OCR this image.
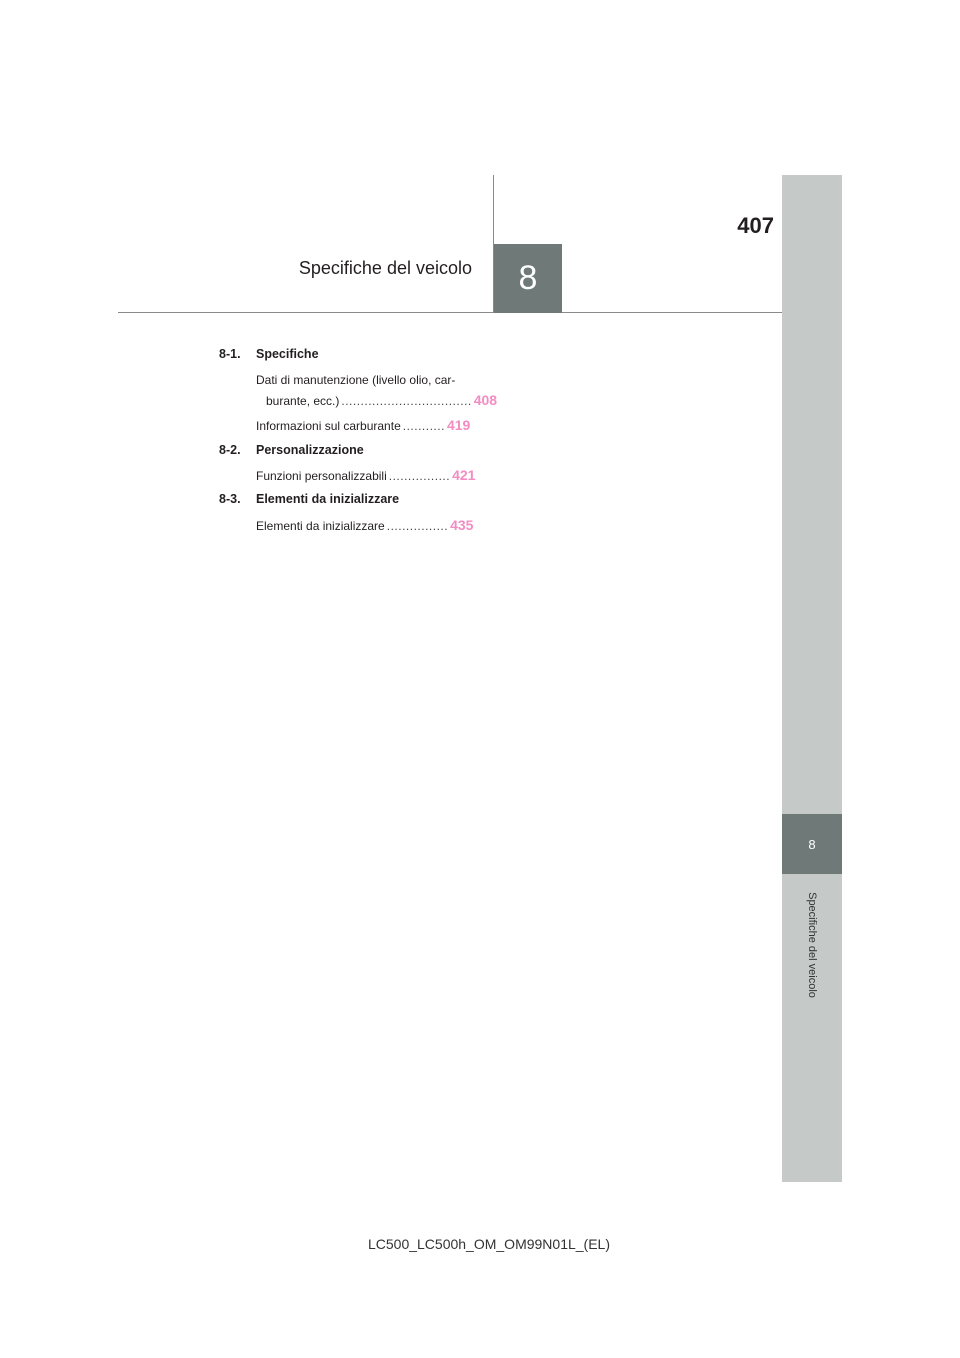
407
Specifiche del veicolo	8
8
Specifiche del veicolo
8-1. Specifiche
Dati di manutenzione (livello olio, car-
burante, ecc.) .................................. 408
Informazioni sul carburante ........... 419
8-2. Personalizzazione
Funzioni personalizzabili ................ 421
8-3. Elementi da inizializzare
Elementi da inizializzare ................ 435
LC500_LC500h_OM_OM99N01L_(EL)
